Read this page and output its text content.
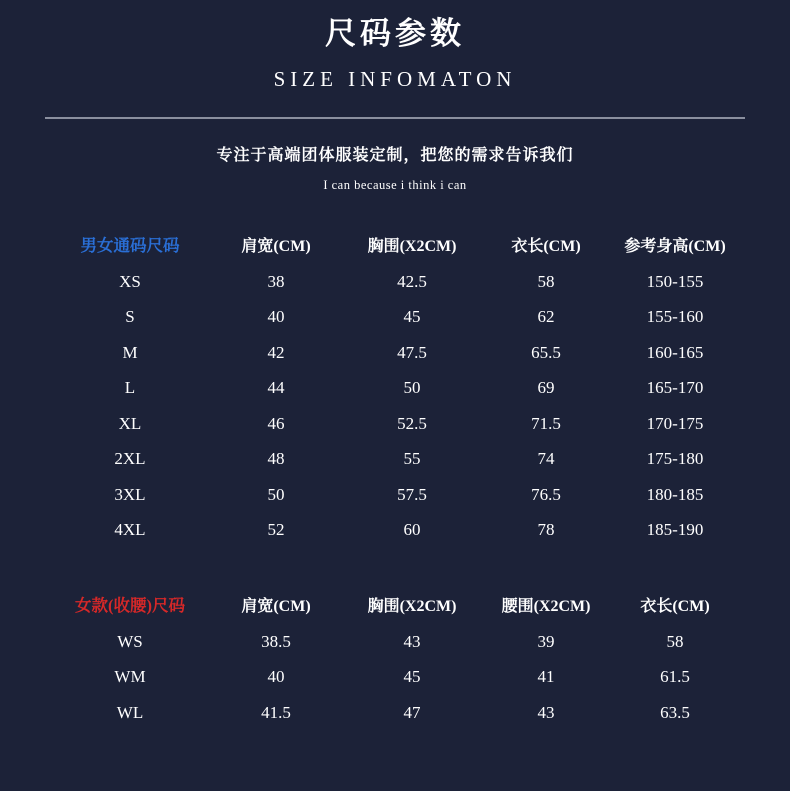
尺码参数
SIZE INFOMATON
专注于高端团体服装定制，把您的需求告诉我们
I can because i think i can
男女通码尺码	肩宽(CM)	胸围(X2CM)	衣长(CM)	参考身高(CM)
XS	38	42.5	58	150-155
S	40	45	62	155-160
M	42	47.5	65.5	160-165
L	44	50	69	165-170
XL	46	52.5	71.5	170-175
2XL	48	55	74	175-180
3XL	50	57.5	76.5	180-185
4XL	52	60	78	185-190
女款(收腰)尺码	肩宽(CM)	胸围(X2CM)	腰围(X2CM)	衣长(CM)
WS	38.5	43	39	58
WM	40	45	41	61.5
WL	41.5	47	43	63.5
